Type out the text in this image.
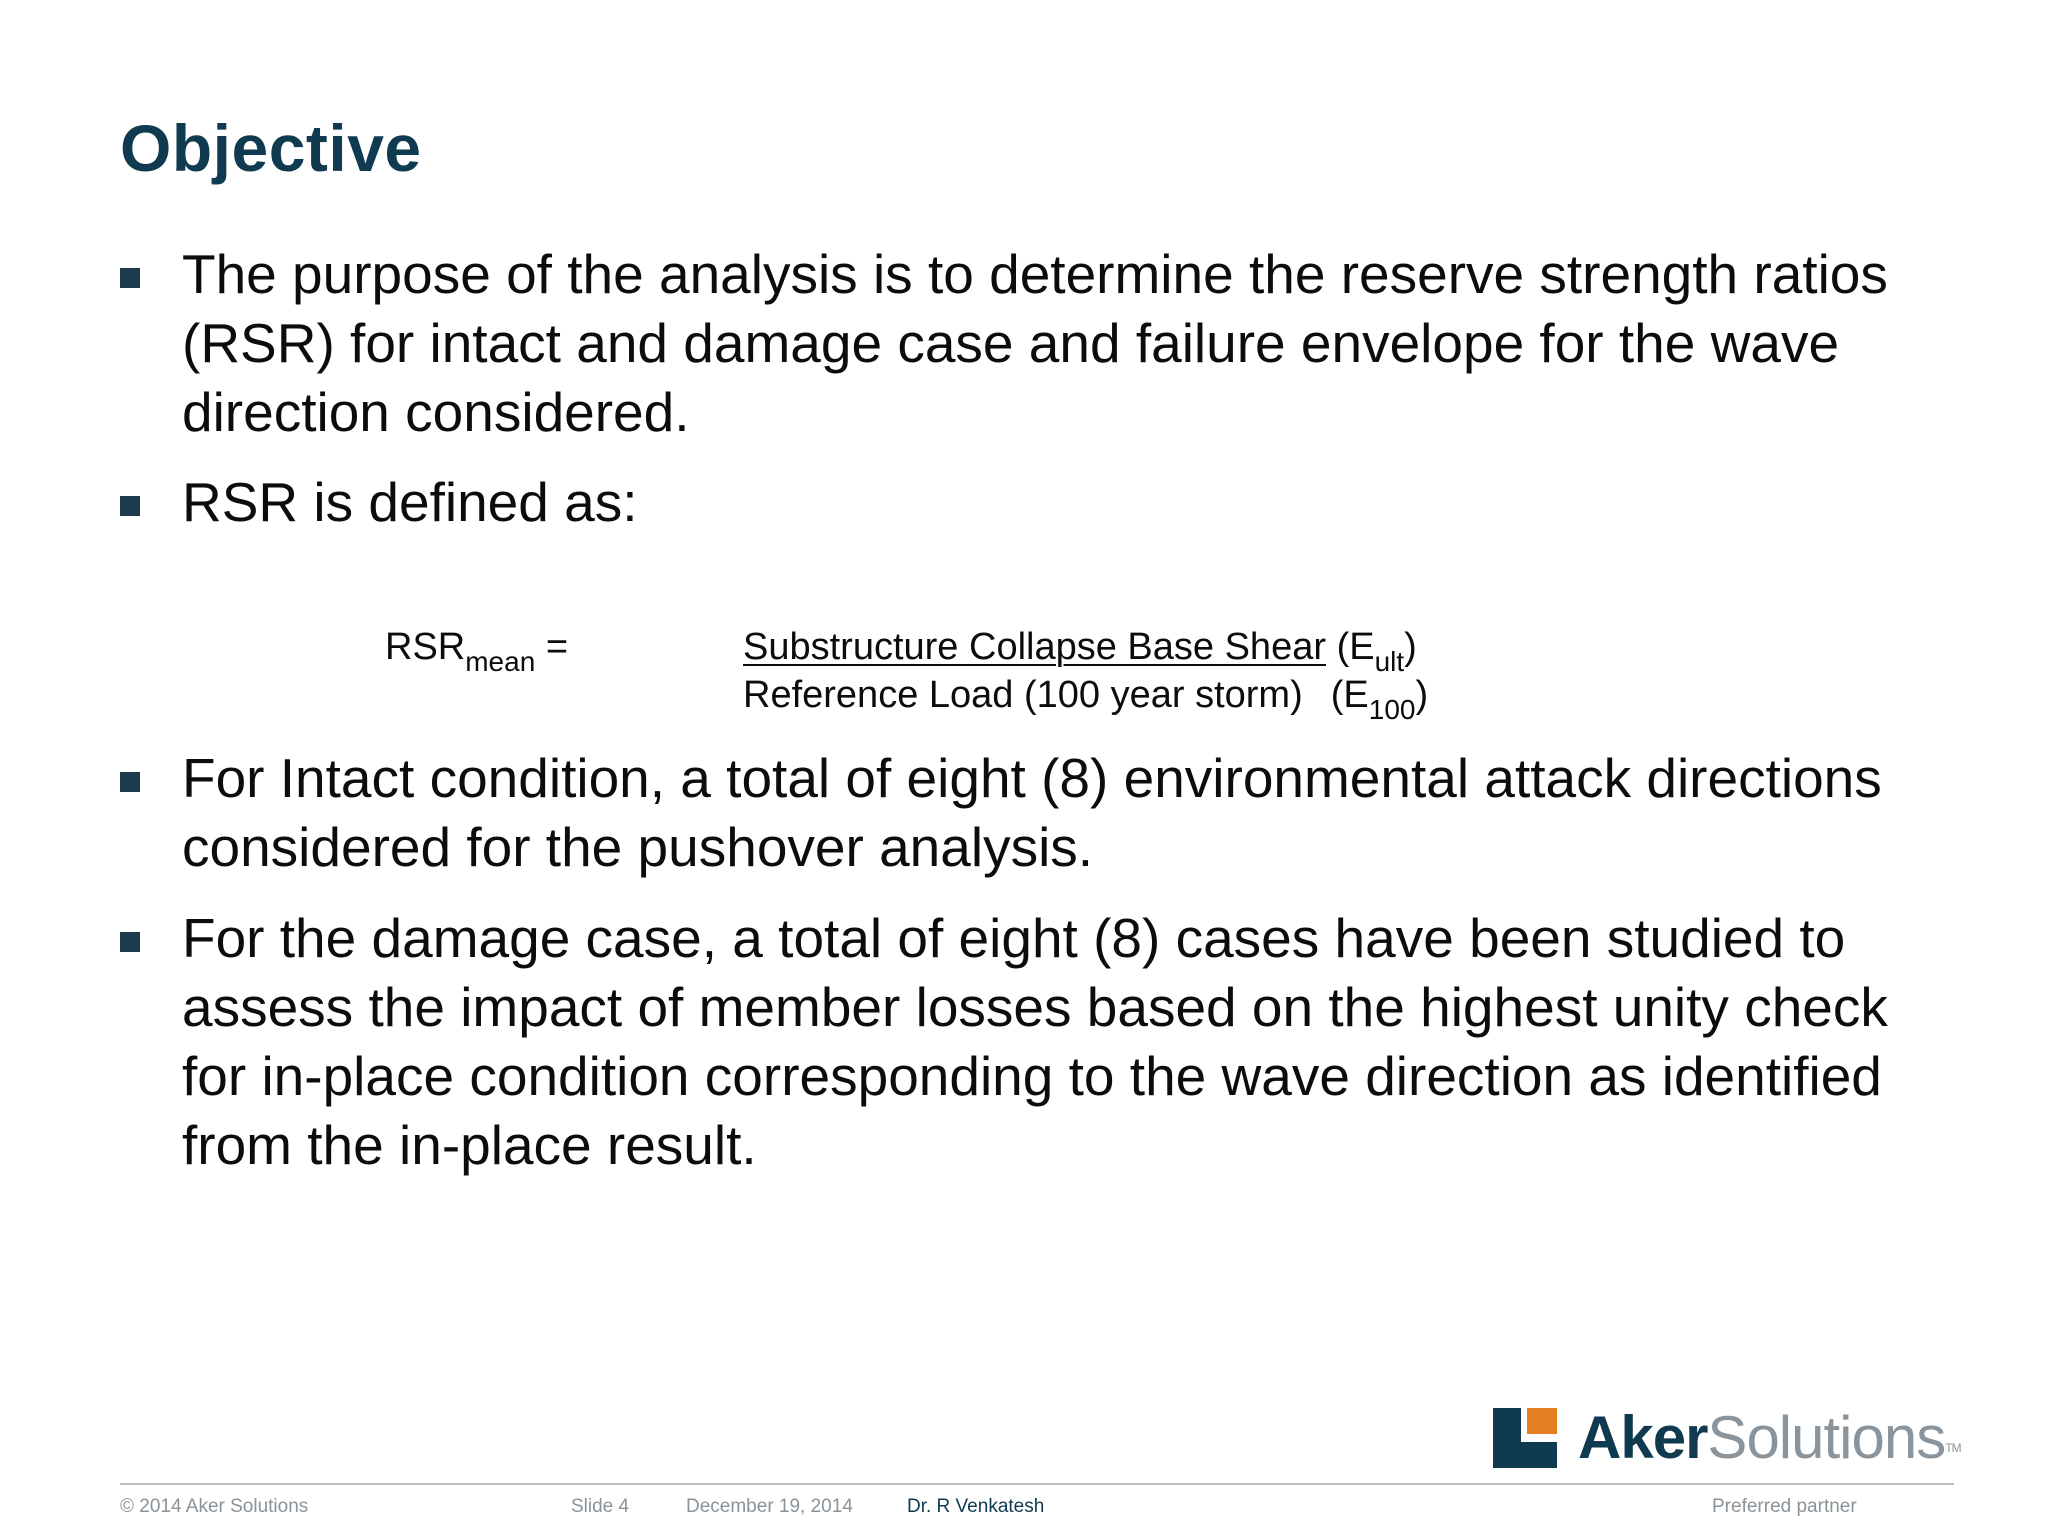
Objective
The purpose of the analysis is to determine the reserve strength ratios (RSR) for intact and damage case and failure envelope for the wave direction considered.
RSR is defined as:
$RSR_{mean}$ =	Substructure Collapse Base Shear $(E_{ult})$
Reference Load (100 year storm) $(E_{100})$
For Intact condition, a total of eight (8) environmental attack directions considered for the pushover analysis.
For the damage case, a total of eight (8) cases have been studied to assess the impact of member losses based on the highest unity check for in-place condition corresponding to the wave direction as identified from the in-place result.
AkerSolutions™
© 2014 Aker Solutions	Slide 4	December 19, 2014	Dr. R Venkatesh	Preferred partner
